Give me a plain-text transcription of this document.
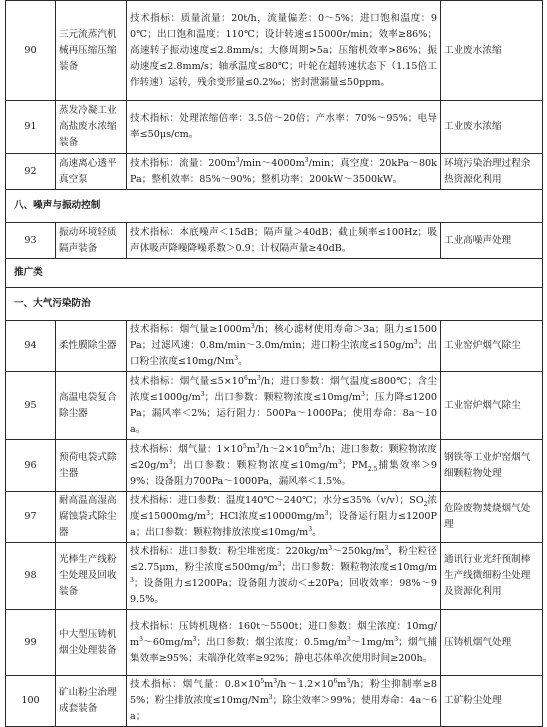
90	三元流蒸汽机械再压缩压缩装备	技术指标：质量流量：20t/h，流量偏差：0～5%；进口饱和温度：90℃；出口饱和温度：110℃；设计转速≤15000r/min；效率≥86%；高速转子振动速度≤2.8mm/s；大修周期>5a；压缩机效率>86%；振动速度≤2.8mm/s；轴承温度≤80℃；叶轮在超转速状态下（1.15倍工作转速）运转，残余变形量≤0.2‰；密封泄漏量≤50ppm。	工业废水浓缩
91	蒸发冷凝工业高盐废水浓缩装备	技术指标：处理浓缩倍率：3.5倍～20倍；产水率：70%～95%；电导率≤50μs/cm。	工业废水浓缩
92	高速离心透平真空泵	技术指标：流量：$200m^3/\min\sim 4000m^3/\min$；真空度：20kPa～80kPa；整机效率：85%～90%；整机功率：200kW～3500kW。	环境污染治理过程余热资源化利用
八、噪声与振动控制			
93	振动环境轻质隔声装备	技术指标：本底噪声＜15dB；隔声量＞40dB；截止频率≤100Hz；吸声体吸声降噪降噪系数＞0.9；计权隔声量≥40dB。	工业高噪声处理
推广类			
一、大气污染防治			
94	柔性膜除尘器	技术指标：烟气量$\ge 1000m^3/h$；核心滤材使用寿命＞3a；阻力≤1500Pa；过滤风速：0.8m/min～3.0m/min；进口粉尘浓度$\le 150g/m^3$；出口粉尘浓度$\le 10mg/Nm^3$。	工业窑炉烟气除尘
95	高温电袋复合除尘器	技术指标：烟气量$\le 5\times 10^6m^3/h$；进口参数：烟气温度≤800℃；含尘浓度$\le 1000g/m^3$；出口参数：颗粒物浓度$\le 10mg/m^3$；压力降≤1200Pa；漏风率＜2%；运行阻力：500Pa～1000Pa；使用寿命：8a～10a。	工业窑炉烟气除尘
96	预荷电袋式除尘器	技术指标：烟气量：$1\times 10^5m^3/h\sim 2\times 10^6m^3/h$；进口参数：颗粒物浓度$\le 20g/m^3$；出口参数：颗粒物浓度$\le 10mg/m^3$；$PM_{2.5}$捕集效率＞99%；设备阻力700Pa～1000Pa，漏风率＜1.5%。	钢铁等工业炉窑烟气细颗粒物处理
97	耐高温高湿高腐蚀袋式除尘器	技术指标：进口参数：温度140℃～240℃；水分≤35%（v/v）；$SO_2$浓度$\le 15000mg/m^3$；HCl浓度$\le 10000mg/m^3$；设备运行阻力≤1200Pa；出口参数：颗粒物排放浓度$\le 10mg/m^3$。	危险废物焚烧烟气处理
98	光棒生产线粉尘处理及回收装备	技术指标：进口参数：粉尘堆密度：$220kg/m^3\sim 250kg/m^3$，粉尘粒径≤2.75μm，粉尘浓度$\le 500mg/m^3$；出口参数：颗粒物浓度$\le 10mg/m^3$；设备阻力≤1200Pa；设备阻力波动＜±20Pa；回收效率：98%～99.5%。	通讯行业光纤预制棒生产线微细粉尘处理及资源化利用
99	中大型压铸机烟尘处理装备	技术指标：压铸机规格：160t～5500t；进口参数：烟尘浓度：$10mg/m^3\sim 60mg/m^3$；出口参数：烟尘浓度：$0.5mg/m^3\sim 1mg/m^3$；烟气捕集效率≥95%；末端净化效率≥92%；静电芯体单次使用时间≥200h。	压铸机烟气处理
100	矿山粉尘治理成套装备	技术指标：烟气量：$0.8\times 10^5m^3/h\sim 1.2\times 10^6m^3/h$；粉尘抑制率≥85%；粉尘排放浓度$\le 10mg/Nm^3$；除尘效率＞99%；使用寿命：4a～6a；	工矿粉尘处理
